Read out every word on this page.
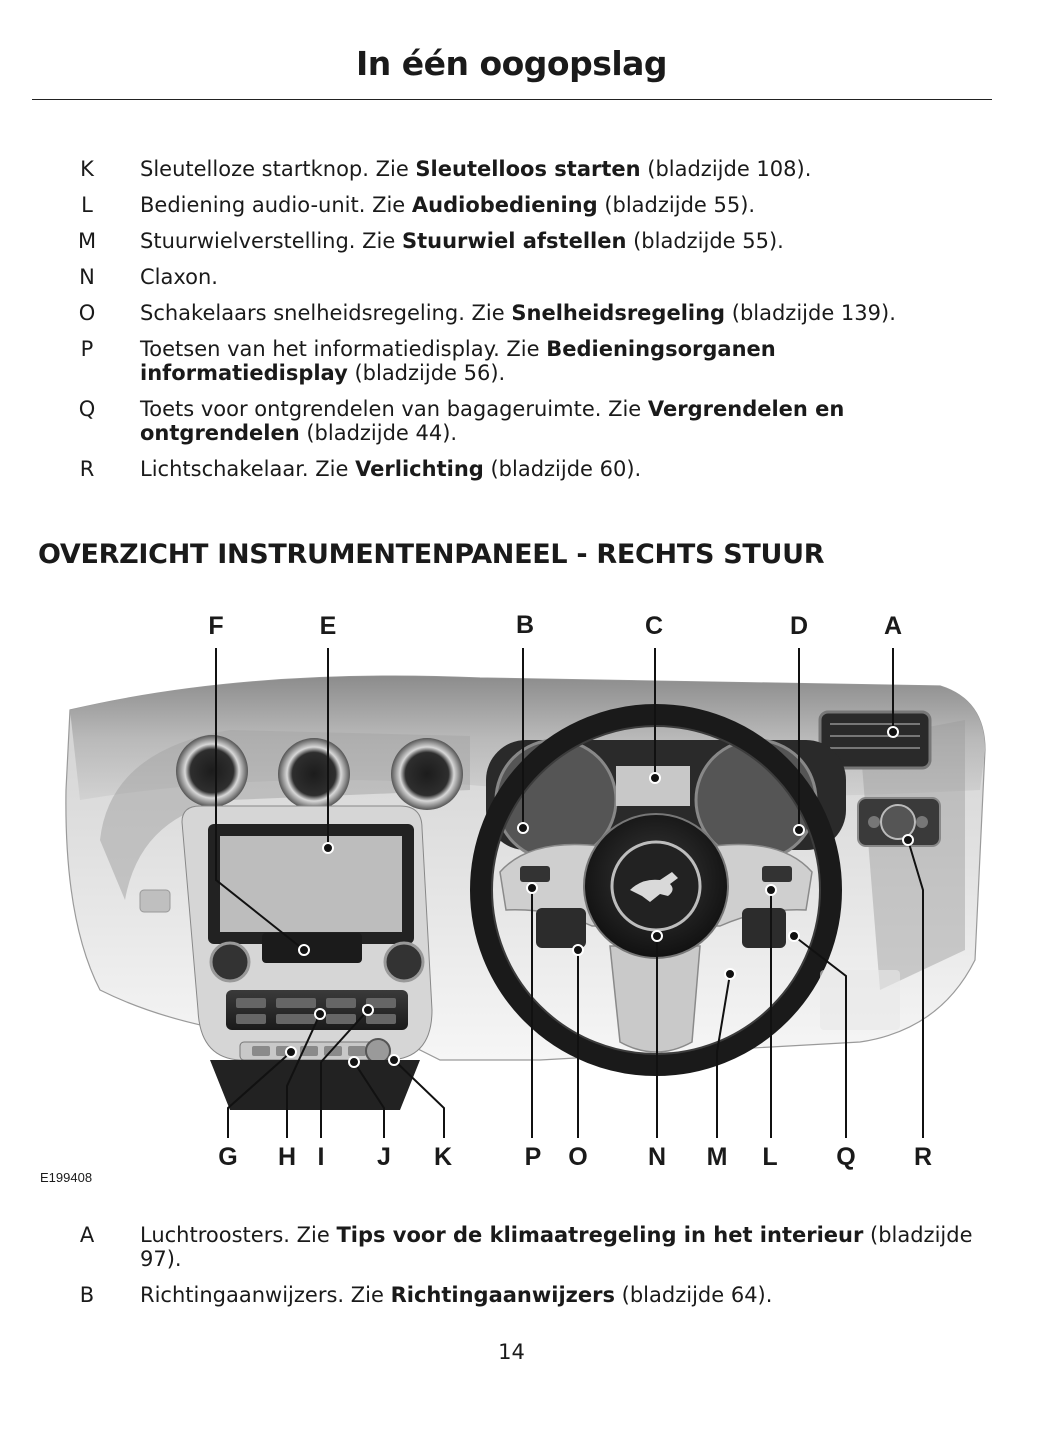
In één oogopslag
K	Sleutelloze startknop. Zie Sleutelloos starten (bladzijde 108).
L	Bediening audio-unit. Zie Audiobediening (bladzijde 55).
M	Stuurwielverstelling. Zie Stuurwiel afstellen (bladzijde 55).
N	Claxon.
O	Schakelaars snelheidsregeling. Zie Snelheidsregeling (bladzijde 139).
P	Toetsen van het informatiedisplay. Zie Bedieningsorganen informatiedisplay (bladzijde 56).
Q	Toets voor ontgrendelen van bagageruimte. Zie Vergrendelen en ontgrendelen (bladzijde 44).
R	Lichtschakelaar. Zie Verlichting (bladzijde 60).
OVERZICHT INSTRUMENTENPANEEL - RECHTS STUUR
F	E	B	C	D	A
G H I J K	P O N M L Q R
E199408
A	Luchtroosters. Zie Tips voor de klimaatregeling in het interieur (bladzijde 97).
B	Richtingaanwijzers. Zie Richtingaanwijzers (bladzijde 64).
14
